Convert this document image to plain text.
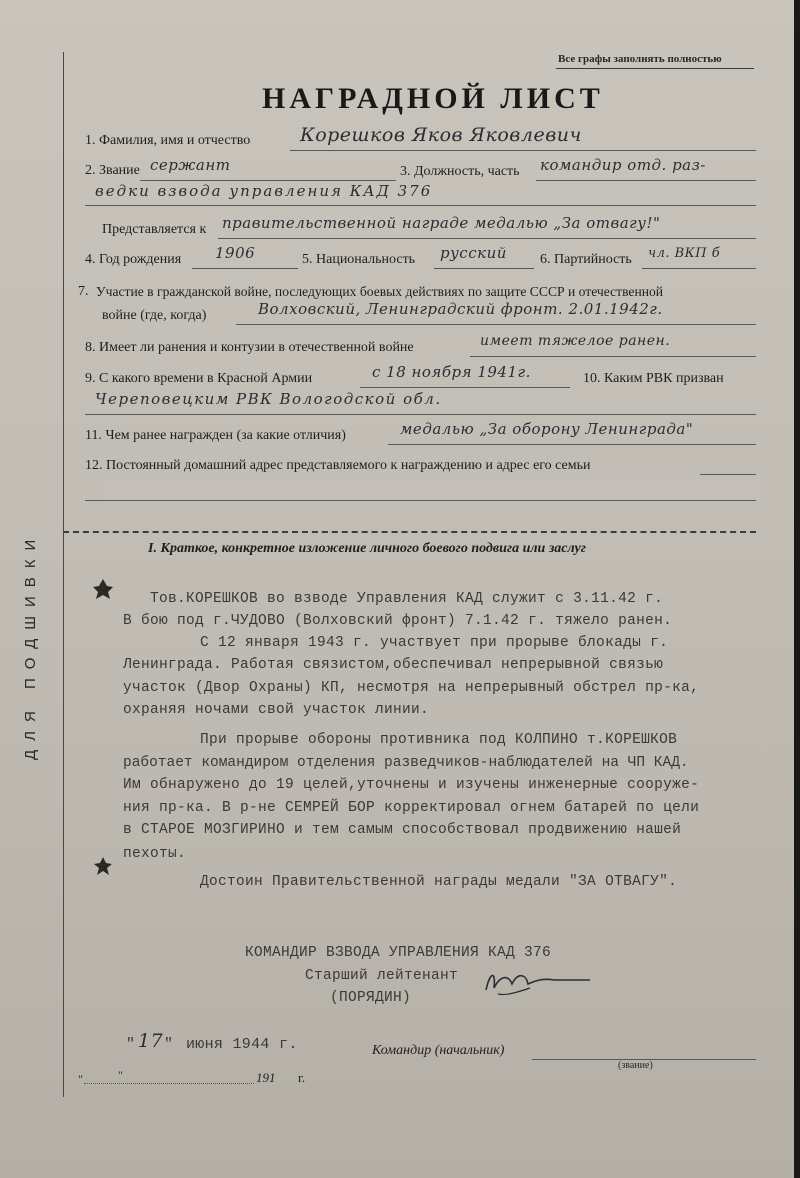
ДЛЯ ПОДШИВКИ
Все графы заполнять полностью
НАГРАДНОЙ ЛИСТ
1. Фамилия, имя и отчество	Корешков Яков Яковлевич
2. Звание сержант	3. Должность, часть командир отд. раз-
ведки взвода управления КАД 376
Представляется к правительственной награде медалью „За отвагу!"
4. Год рождения 1906	5. Национальность русский 6. Партийность чл. ВКП б
7. Участие в гражданской войне, последующих боевых действиях по защите СССР и отечественной
войне (где, когда)	Волховский, Ленинградский фронт. 2.01.1942г.
8. Имеет ли ранения и контузии в отечественной войне	имеет тяжелое ранен.
9. С какого времени в Красной Армии	с 18 ноября 1941г.	10. Каким РВК призван
Череповецким РВК Вологодской обл.
11. Чем ранее награжден (за какие отличия)	медалью „За оборону Ленинграда"
12. Постоянный домашний адрес представляемого к награждению и адрес его семьи
I. Краткое, конкретное изложение личного боевого подвига или заслуг
Тов.КОРЕШКОВ во взводе Управления КАД служит с 3.11.42 г.
В бою под г.ЧУДОВО (Волховский фронт) 7.1.42 г. тяжело ранен.
С 12 января 1943 г. участвует при прорыве блокады г.
Ленинграда. Работая связистом,обеспечивал непрерывной связью
участок (Двор Охраны) КП, несмотря на непрерывный обстрел пр-ка,
охраняя ночами свой участок линии.
При прорыве обороны противника под КОЛПИНО т.КОРЕШКОВ
работает командиром отделения разведчиков-наблюдателей на ЧП КАД.
Им обнаружено до 19 целей,уточнены и изучены инженерные сооруже-
ния пр-ка. В р-не СЕМРЕЙ БОР корректировал огнем батарей по цели
в СТАРОЕ МОЗГИРИНО и тем самым способствовал продвижению нашей
пехоты.
Достоин Правительственной награды медали "ЗА ОТВАГУ".
КОМАНДИР ВЗВОДА УПРАВЛЕНИЯ КАД 376
Старший лейтенант
(ПОРЯДИН)
" 17 " июня 1944 г.	Командир (начальник)
(звание)
"	"	191 г.
